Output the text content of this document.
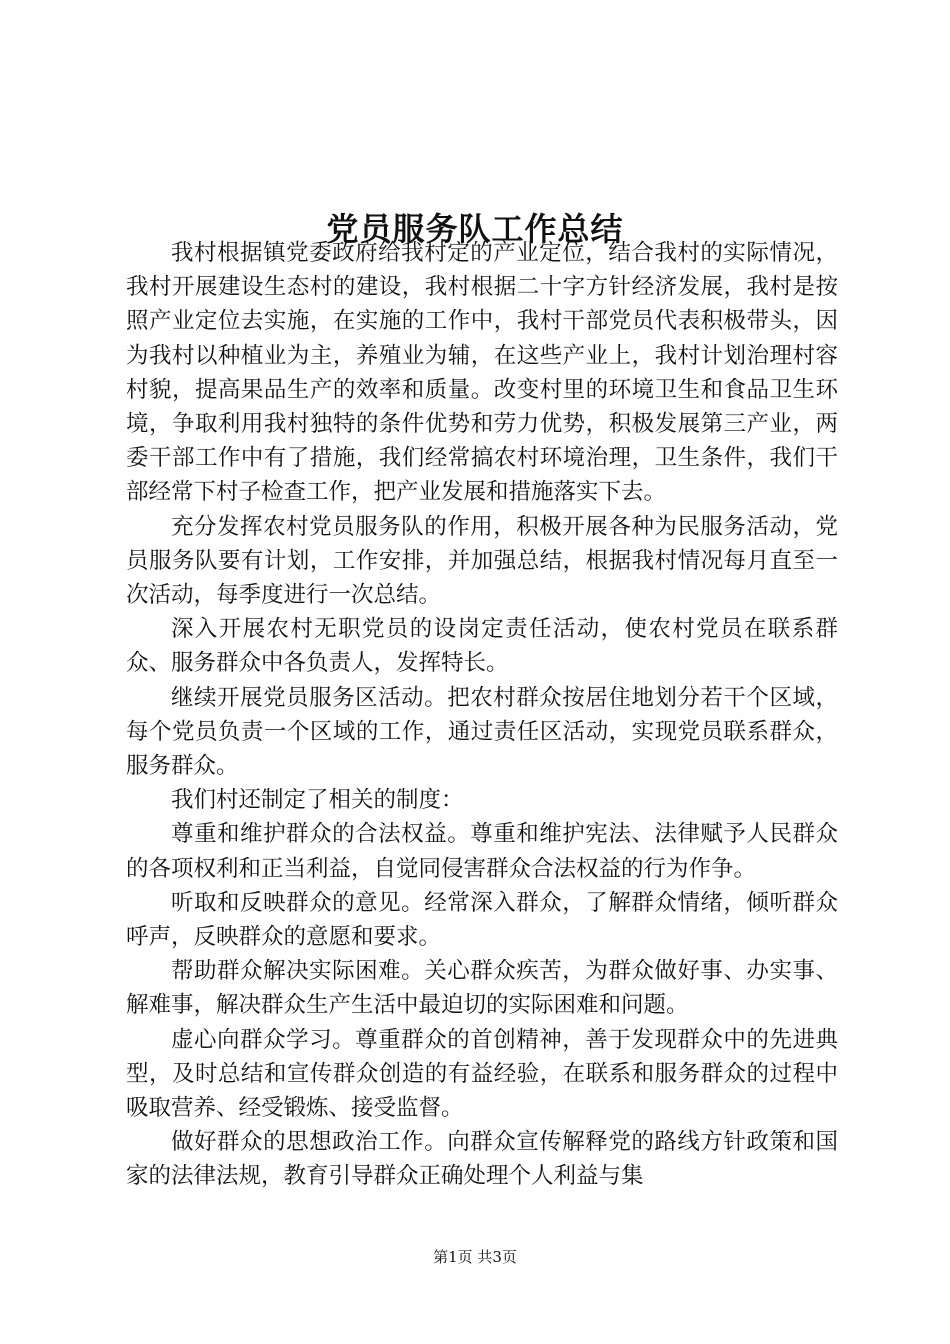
党员服务队工作总结

我村根据镇党委政府给我村定的产业定位，结合我村的实际情况，我村开展建设生态村的建设，我村根据二十字方针经济发展，我村是按照产业定位去实施，在实施的工作中，我村干部党员代表积极带头，因为我村以种植业为主，养殖业为辅，在这些产业上，我村计划治理村容村貌，提高果品生产的效率和质量。改变村里的环境卫生和食品卫生环境，争取利用我村独特的条件优势和劳力优势，积极发展第三产业，两委干部工作中有了措施，我们经常搞农村环境治理，卫生条件，我们干部经常下村子检查工作，把产业发展和措施落实下去。

充分发挥农村党员服务队的作用，积极开展各种为民服务活动，党员服务队要有计划，工作安排，并加强总结，根据我村情况每月直至一次活动，每季度进行一次总结。

深入开展农村无职党员的设岗定责任活动，使农村党员在联系群众、服务群众中各负责人，发挥特长。

继续开展党员服务区活动。把农村群众按居住地划分若干个区域，每个党员负责一个区域的工作，通过责任区活动，实现党员联系群众，服务群众。

我们村还制定了相关的制度：

尊重和维护群众的合法权益。尊重和维护宪法、法律赋予人民群众的各项权利和正当利益，自觉同侵害群众合法权益的行为作争。

听取和反映群众的意见。经常深入群众，了解群众情绪，倾听群众呼声，反映群众的意愿和要求。

帮助群众解决实际困难。关心群众疾苦，为群众做好事、办实事、解难事，解决群众生产生活中最迫切的实际困难和问题。

虚心向群众学习。尊重群众的首创精神，善于发现群众中的先进典型，及时总结和宣传群众创造的有益经验，在联系和服务群众的过程中吸取营养、经受锻炼、接受监督。

做好群众的思想政治工作。向群众宣传解释党的路线方针政策和国家的法律法规，教育引导群众正确处理个人利益与集

第1页 共3页
